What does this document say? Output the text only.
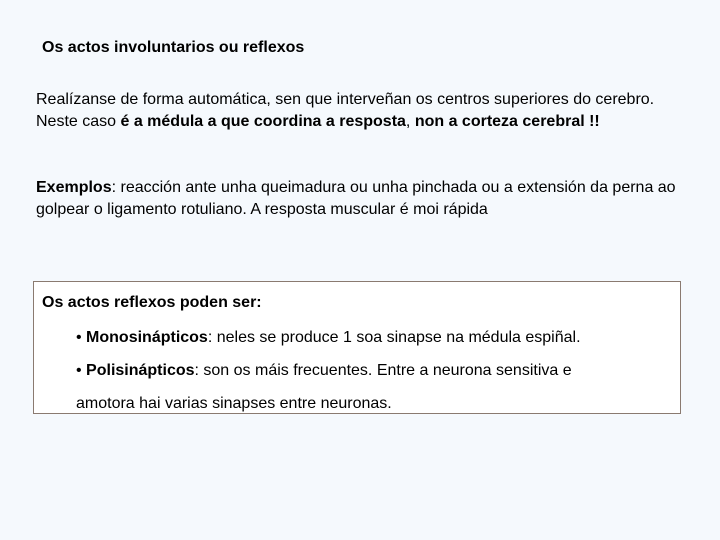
Os actos involuntarios ou reflexos

Realízanse de forma automática, sen que interveñan os centros superiores do cerebro.
Neste caso é a médula a que coordina a resposta, non a corteza cerebral !!

Exemplos: reacción ante unha queimadura ou unha pinchada ou a extensión da perna ao golpear o ligamento rotuliano. A resposta muscular é moi rápida

Os actos reflexos poden ser:

• Monosinápticos: neles se produce 1 soa sinapse na médula espiñal.

• Polisinápticos: son os máis frecuentes. Entre a neurona sensitiva e

amotora hai varias sinapses entre neuronas.
